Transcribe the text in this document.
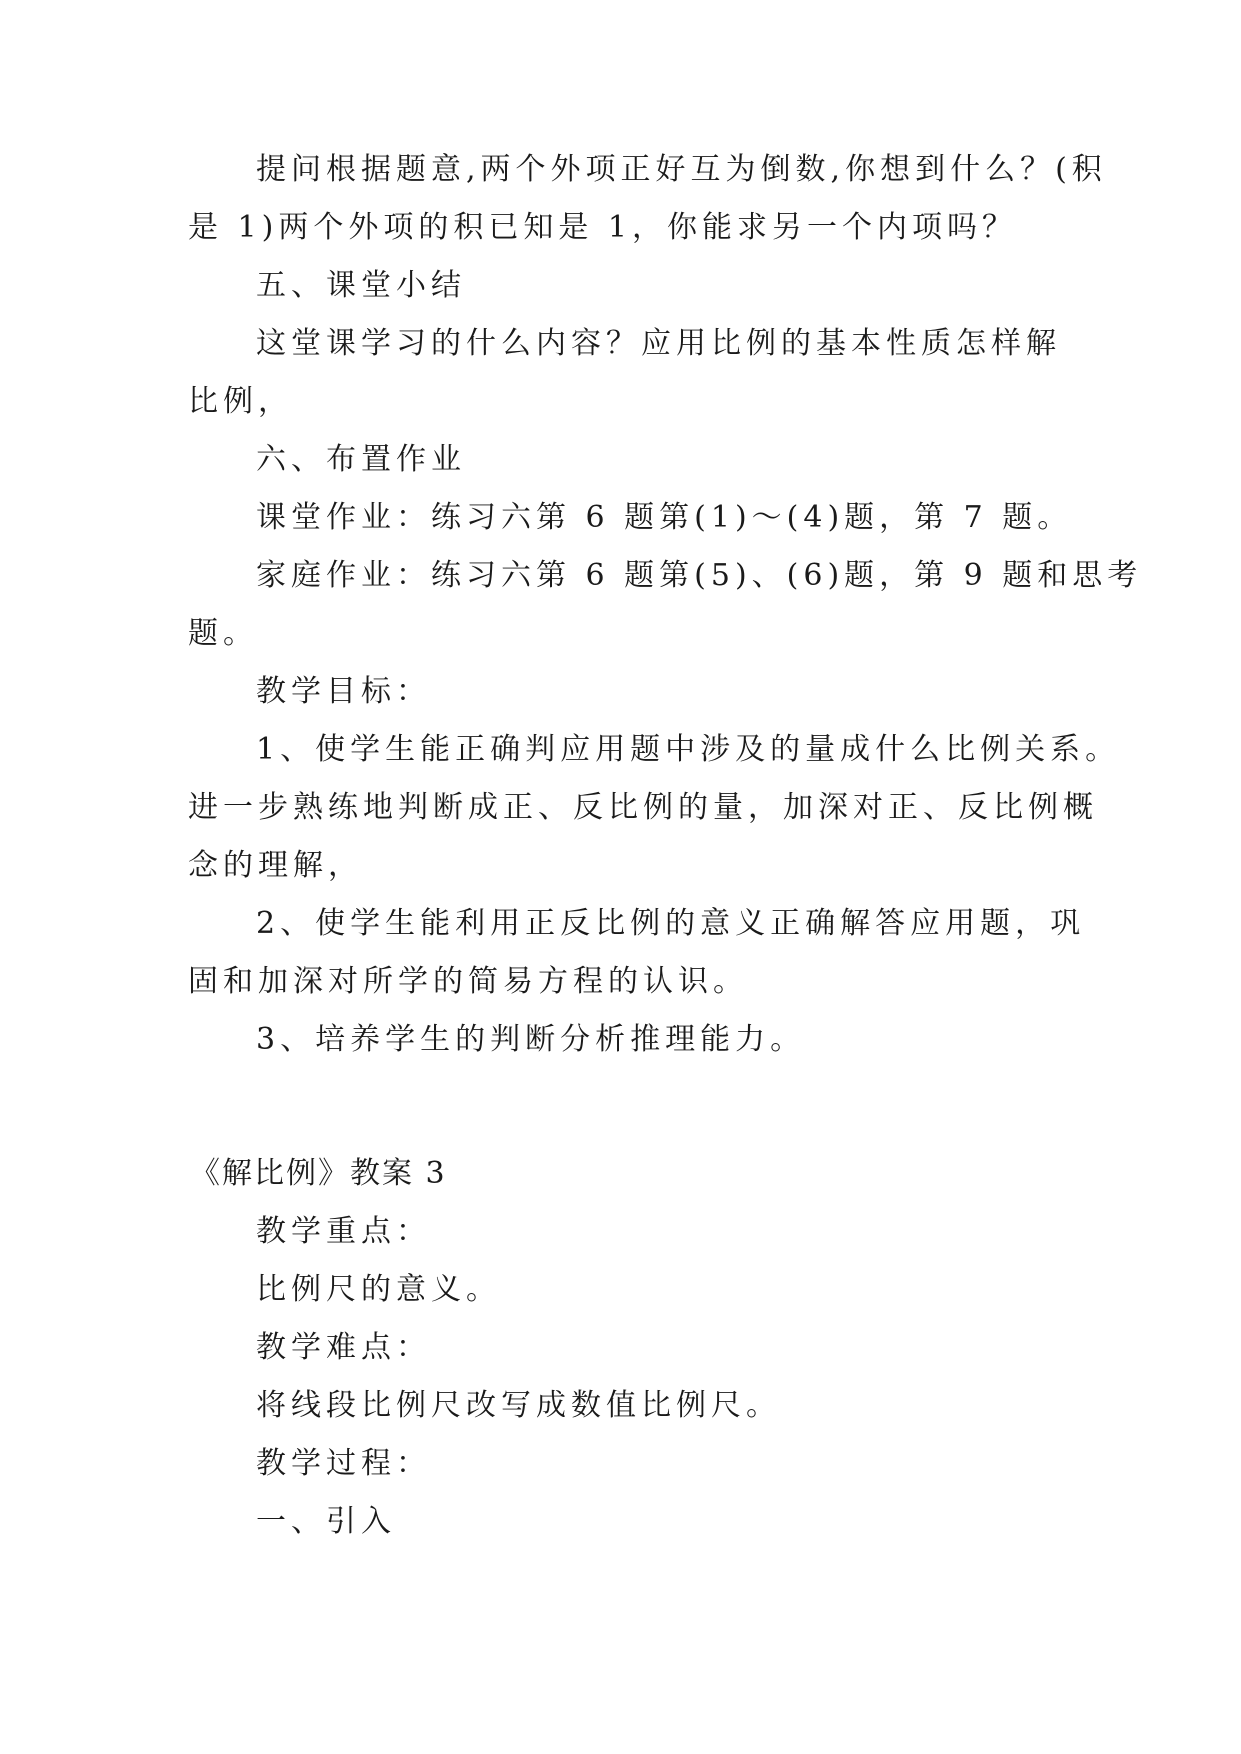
提问根据题意,两个外项正好互为倒数,你想到什么？(积
是 1)两个外项的积已知是 1，你能求另一个内项吗？
五、课堂小结
这堂课学习的什么内容？应用比例的基本性质怎样解
比例，
六、布置作业
课堂作业：练习六第 6 题第(1)～(4)题，第 7 题。
家庭作业：练习六第 6 题第(5)、(6)题，第 9 题和思考
题。
教学目标：
1、使学生能正确判应用题中涉及的量成什么比例关系。
进一步熟练地判断成正、反比例的量，加深对正、反比例概
念的理解，
2、使学生能利用正反比例的意义正确解答应用题，巩
固和加深对所学的简易方程的认识。
3、培养学生的判断分析推理能力。
《解比例》教案 3
教学重点：
比例尺的意义。
教学难点：
将线段比例尺改写成数值比例尺。
教学过程：
一、引入
